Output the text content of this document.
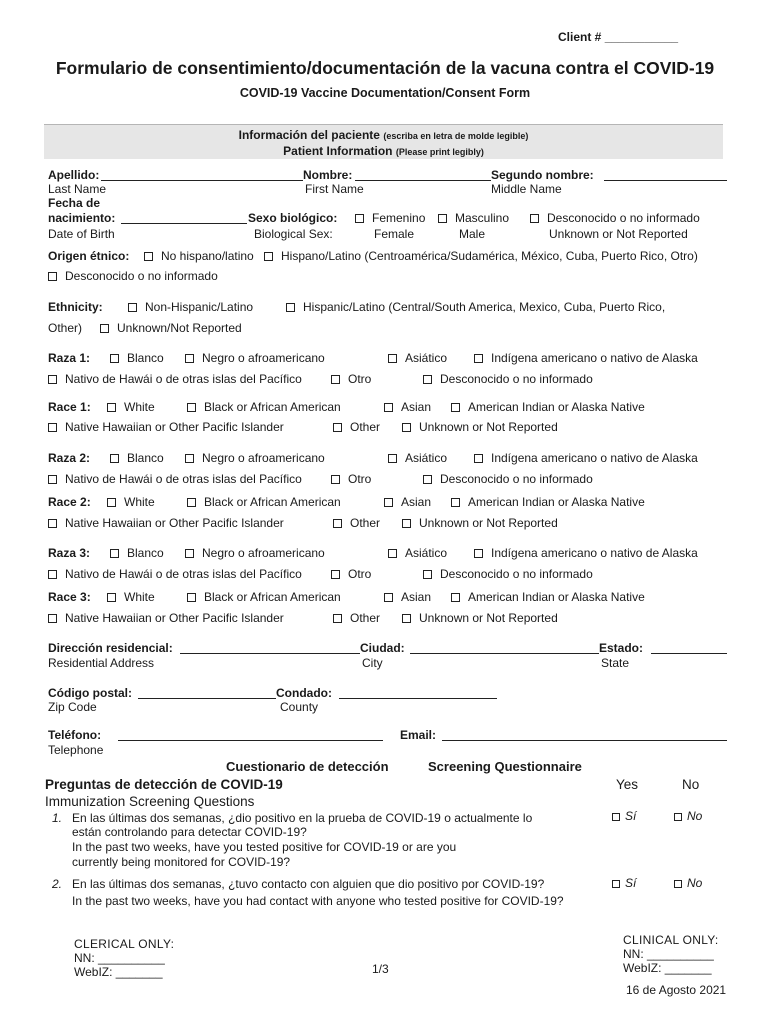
Client # ___________
Formulario de consentimiento/documentación de la vacuna contra el COVID-19
COVID-19 Vaccine Documentation/Consent Form
Información del paciente (escriba en letra de molde legible)
Patient Information (Please print legibly)
Apellido:	Nombre:	Segundo nombre:
Last Name	First Name	Middle Name
Fecha de
nacimiento:	Sexo biológico:	Femenino	Masculino	Desconocido o no informado
Date of Birth	Biological Sex:	Female	Male	Unknown or Not Reported
Origen étnico:	No hispano/latino	Hispano/Latino (Centroamérica/Sudamérica, México, Cuba, Puerto Rico, Otro)
Desconocido o no informado
Ethnicity:	Non-Hispanic/Latino	Hispanic/Latino (Central/South America, Mexico, Cuba, Puerto Rico,
Other)	Unknown/Not Reported
Raza 1:	Blanco	Negro o afroamericano	Asiático	Indígena americano o nativo de Alaska
Nativo de Hawái o de otras islas del Pacífico	Otro	Desconocido o no informado
Race 1:	White	Black or African American	Asian	American Indian or Alaska Native
Native Hawaiian or Other Pacific Islander	Other	Unknown or Not Reported
Raza 2:	Blanco	Negro o afroamericano	Asiático	Indígena americano o nativo de Alaska
Nativo de Hawái o de otras islas del Pacífico	Otro	Desconocido o no informado
Race 2:	White	Black or African American	Asian	American Indian or Alaska Native
Native Hawaiian or Other Pacific Islander	Other	Unknown or Not Reported
Raza 3:	Blanco	Negro o afroamericano	Asiático	Indígena americano o nativo de Alaska
Nativo de Hawái o de otras islas del Pacífico	Otro	Desconocido o no informado
Race 3:	White	Black or African American	Asian	American Indian or Alaska Native
Native Hawaiian or Other Pacific Islander	Other	Unknown or Not Reported
Dirección residencial:	Ciudad:	Estado:
Residential Address	City	State
Código postal:	Condado:
Zip Code	County
Teléfono:	Email:
Telephone
Cuestionario de detección	Screening Questionnaire
Preguntas de detección de COVID-19	Yes	No
Immunization Screening Questions
1. En las últimas dos semanas, ¿dio positivo en la prueba de COVID-19 o actualmente lo
están controlando para detectar COVID-19?
In the past two weeks, have you tested positive for COVID-19 or are you
currently being monitored for COVID-19?
Sí	No
2. En las últimas dos semanas, ¿tuvo contacto con alguien que dio positivo por COVID-19?
In the past two weeks, have you had contact with anyone who tested positive for COVID-19?
Sí	No
CLERICAL ONLY:
NN: __________
WebIZ: _______	1/3
CLINICAL ONLY:
NN: __________
WebIZ: _______
16 de Agosto 2021
